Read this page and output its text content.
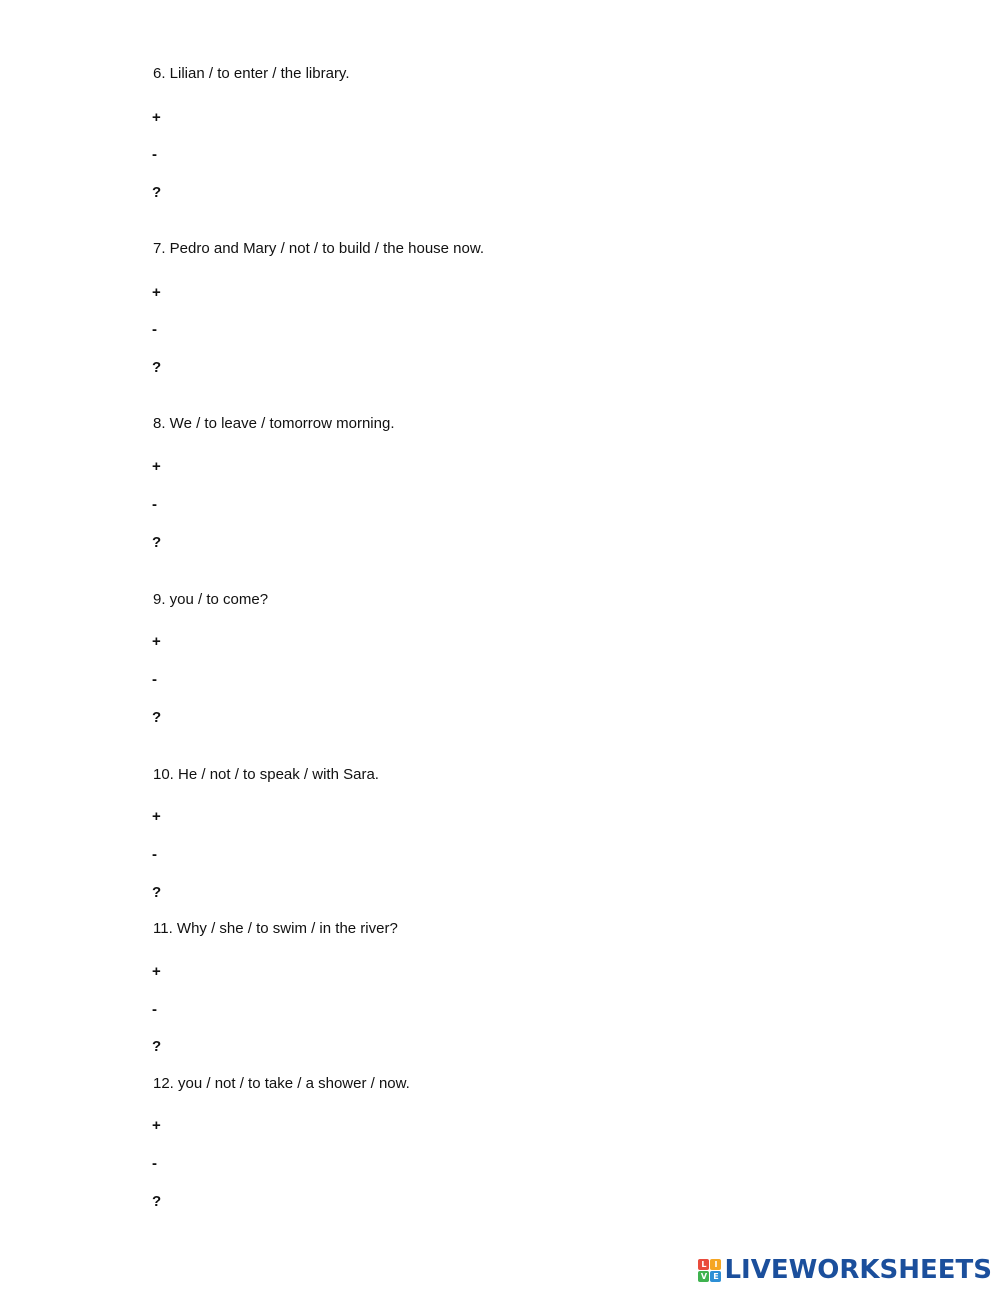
6. Lilian / to enter / the library.
+
-
?
7. Pedro and Mary / not / to build / the house now.
+
-
?
8. We / to leave / tomorrow morning.
+
-
?
9. you / to come?
+
-
?
10. He / not / to speak / with Sara.
+
-
?
11. Why / she / to swim / in the river?
+
-
?
12. you / not / to take / a shower / now.
+
-
?
L I
V E LIVEWORKSHEETS
